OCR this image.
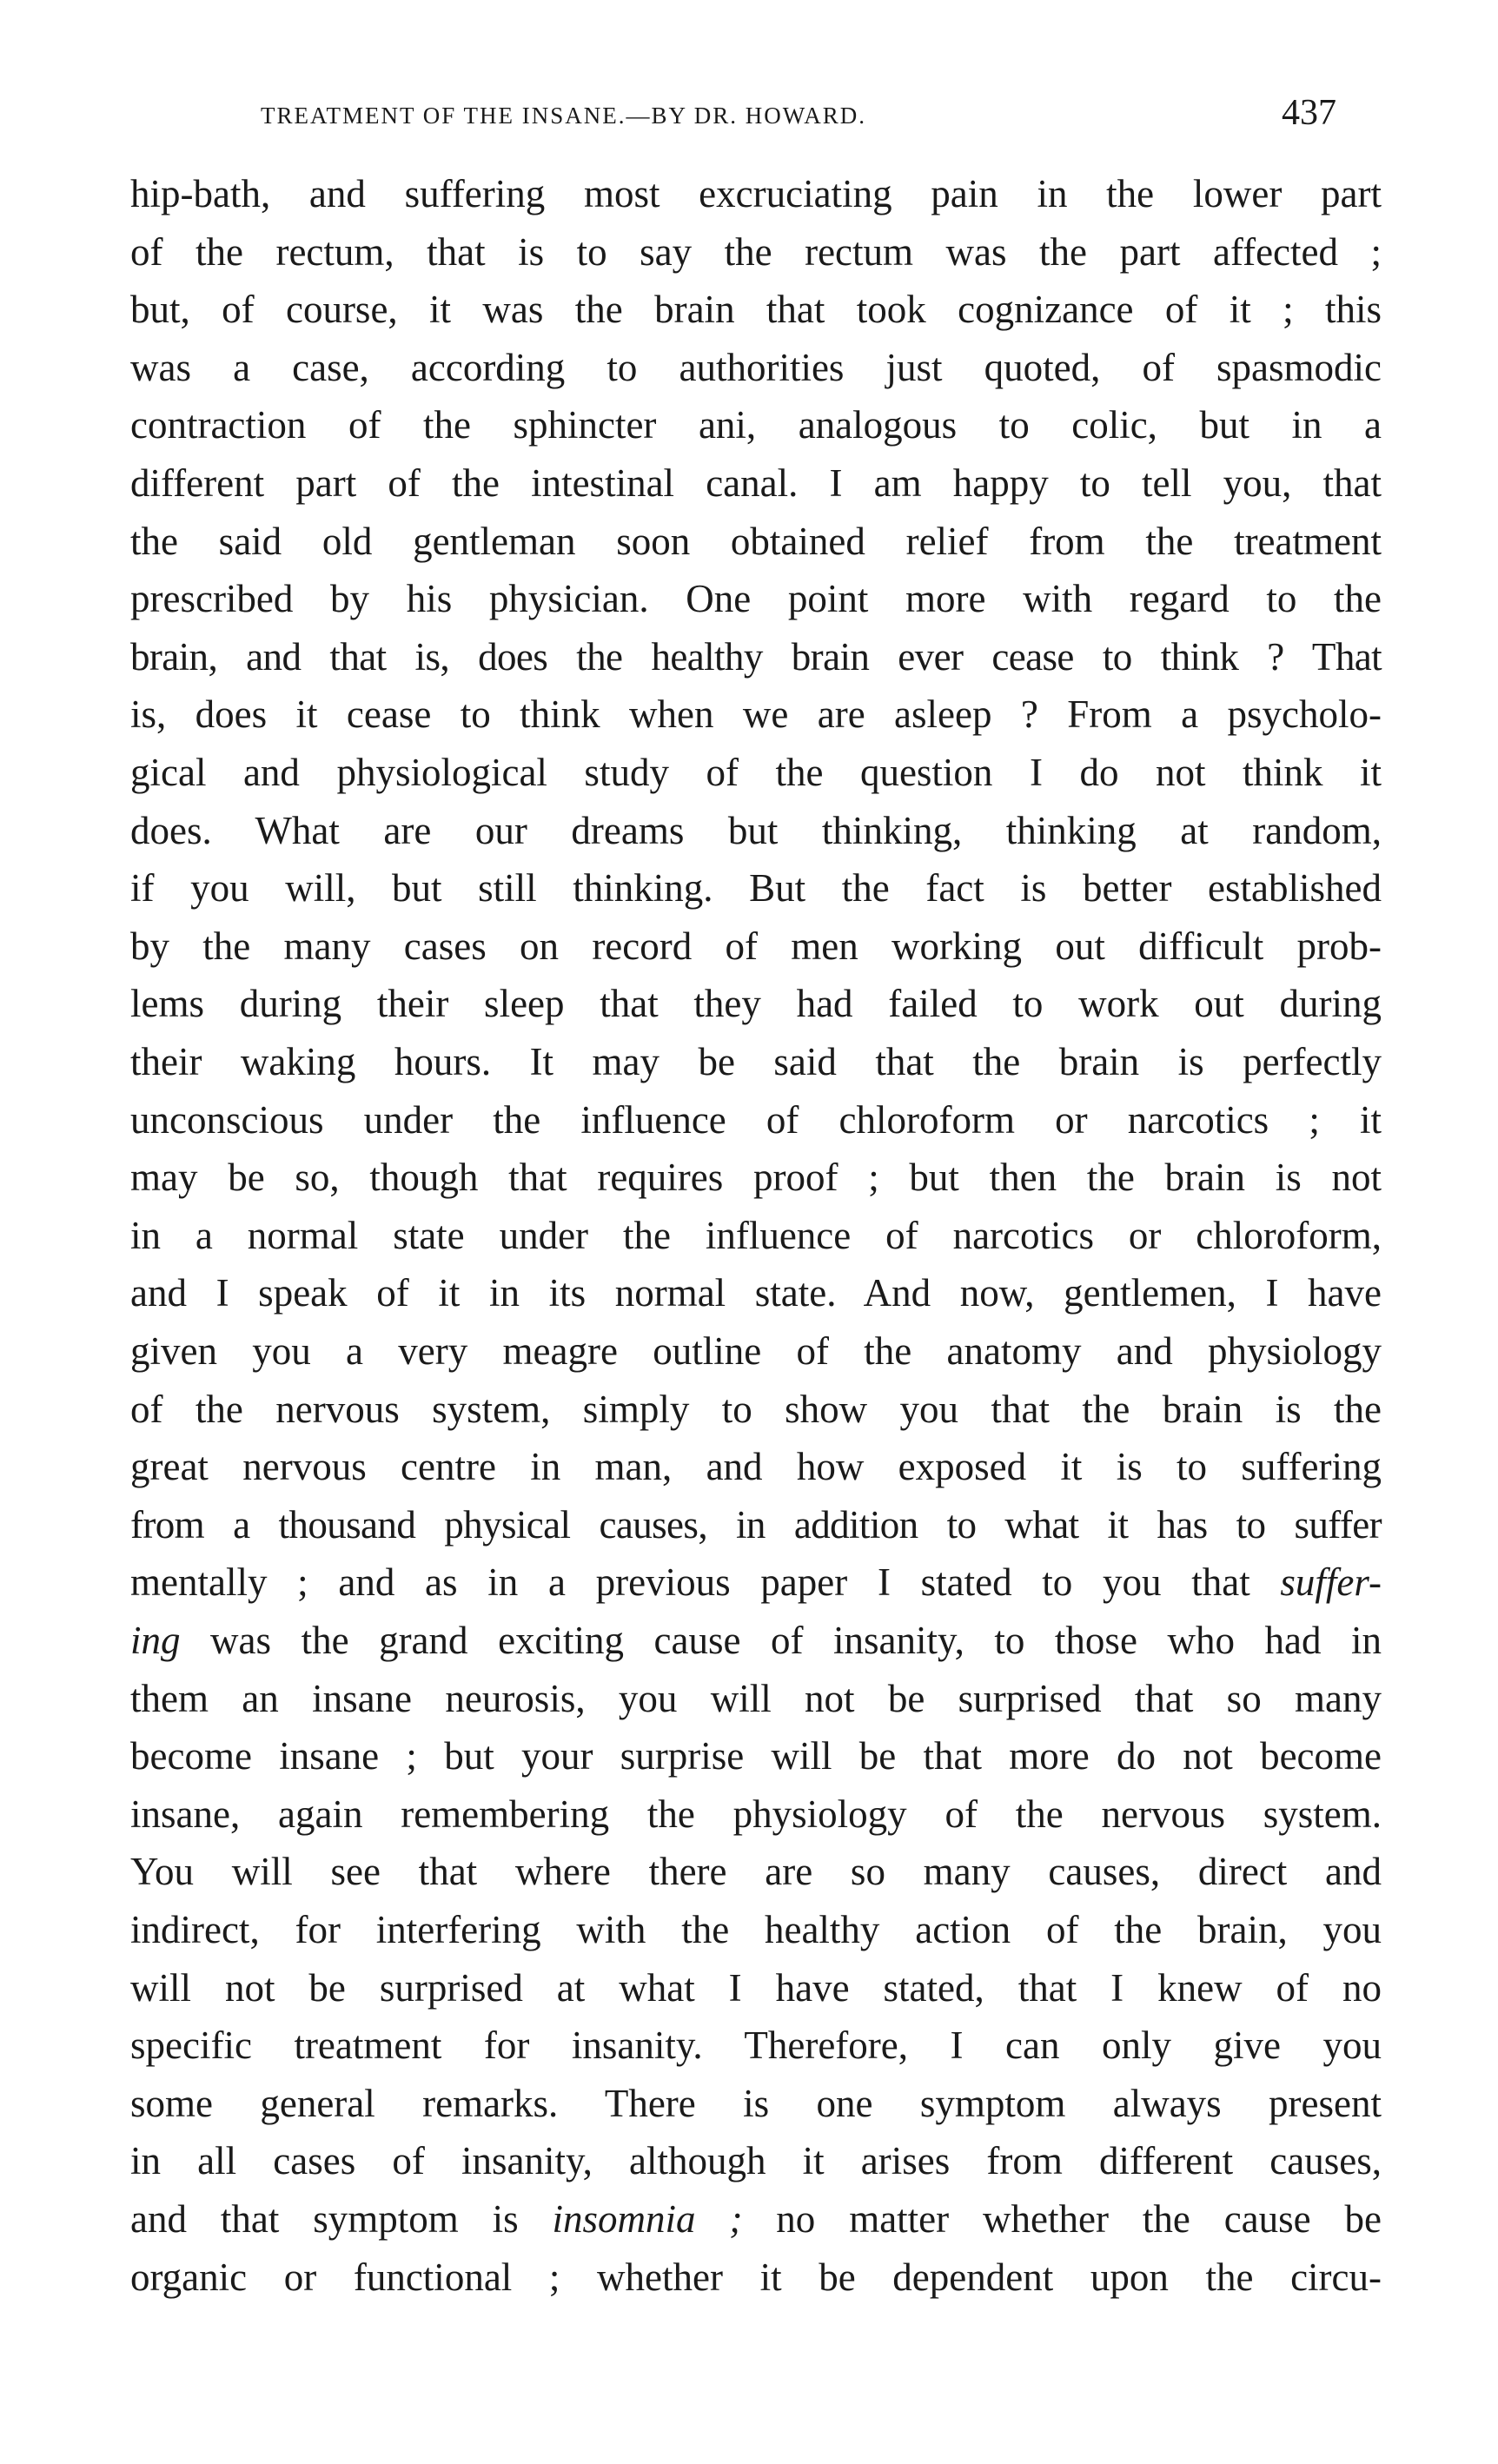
TREATMENT OF THE INSANE.—BY DR. HOWARD.	437
hip-bath, and suffering most excruciating pain in the lower part
of the rectum, that is to say the rectum was the part affected ;
but, of course, it was the brain that took cognizance of it ; this
was a case, according to authorities just quoted, of spasmodic
contraction of the sphincter ani, analogous to colic, but in a
different part of the intestinal canal. I am happy to tell you, that
the said old gentleman soon obtained relief from the treatment
prescribed by his physician. One point more with regard to the
brain, and that is, does the healthy brain ever cease to think ? That
is, does it cease to think when we are asleep ? From a psycholo-
gical and physiological study of the question I do not think it
does. What are our dreams but thinking, thinking at random,
if you will, but still thinking. But the fact is better established
by the many cases on record of men working out difficult prob-
lems during their sleep that they had failed to work out during
their waking hours. It may be said that the brain is perfectly
unconscious under the influence of chloroform or narcotics ; it
may be so, though that requires proof ; but then the brain is not
in a normal state under the influence of narcotics or chloroform,
and I speak of it in its normal state. And now, gentlemen, I have
given you a very meagre outline of the anatomy and physiology
of the nervous system, simply to show you that the brain is the
great nervous centre in man, and how exposed it is to suffering
from a thousand physical causes, in addition to what it has to suffer
mentally ; and as in a previous paper I stated to you that suffer-
ing was the grand exciting cause of insanity, to those who had in
them an insane neurosis, you will not be surprised that so many
become insane ; but your surprise will be that more do not become
insane, again remembering the physiology of the nervous system.
You will see that where there are so many causes, direct and
indirect, for interfering with the healthy action of the brain, you
will not be surprised at what I have stated, that I knew of no
specific treatment for insanity. Therefore, I can only give you
some general remarks. There is one symptom always present
in all cases of insanity, although it arises from different causes,
and that symptom is insomnia ; no matter whether the cause be
organic or functional ; whether it be dependent upon the circu-
